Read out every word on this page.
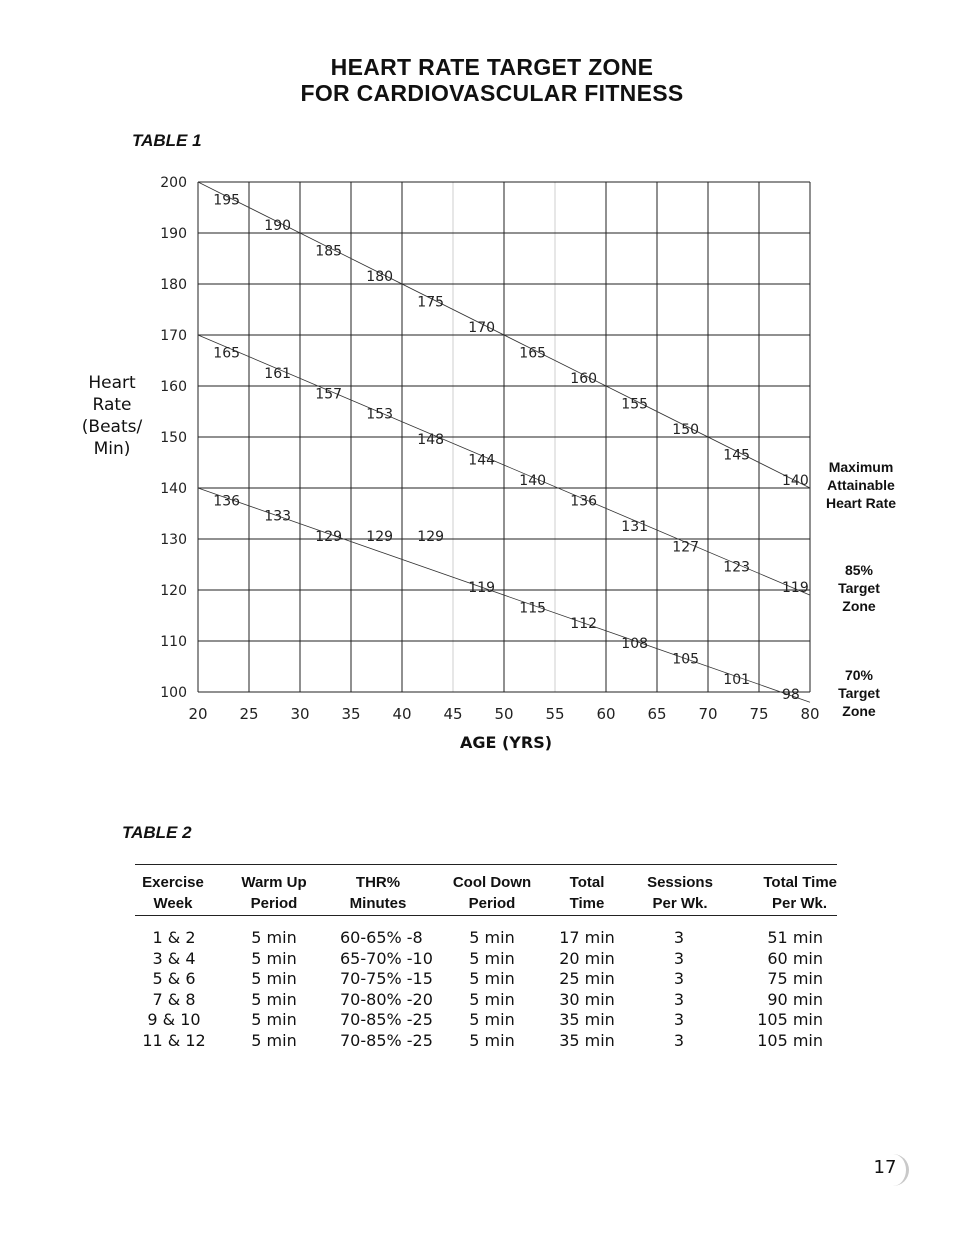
HEART RATE TARGET ZONE
FOR CARDIOVASCULAR FITNESS
TABLE 1
100
110
120
130
140
150
160
170
180
190
200
20 25 30 35 40 45 50 55 60 65 70 75 80
195
190
185
180
175
170
165
160
155
150
145
140
165
161
157
153
148
144
140
136
131
127
123
119
136
133
129 129 129
119
115
112
108
105
101
98
Heart
Rate
(Beats/
Min)
Maximum
Attainable
Heart Rate
85%
Target
Zone
70%
Target
Zone
AGE (YRS)
TABLE 2
Exercise
Week
Warm Up
Period
THR%
Minutes
Cool Down
Period
Total
Time
Sessions
Per Wk.
Total Time
Per Wk.
1 & 2	5 min	60-65% -8	5 min	17 min	3	51 min
3 & 4	5 min	65-70% -10	5 min	20 min	3	60 min
5 & 6	5 min	70-75% -15	5 min	25 min	3	75 min
7 & 8	5 min	70-80% -20	5 min	30 min	3	90 min
9 & 10	5 min	70-85% -25	5 min	35 min	3	105 min
11 & 12	5 min	70-85% -25	5 min	35 min	3	105 min
17
